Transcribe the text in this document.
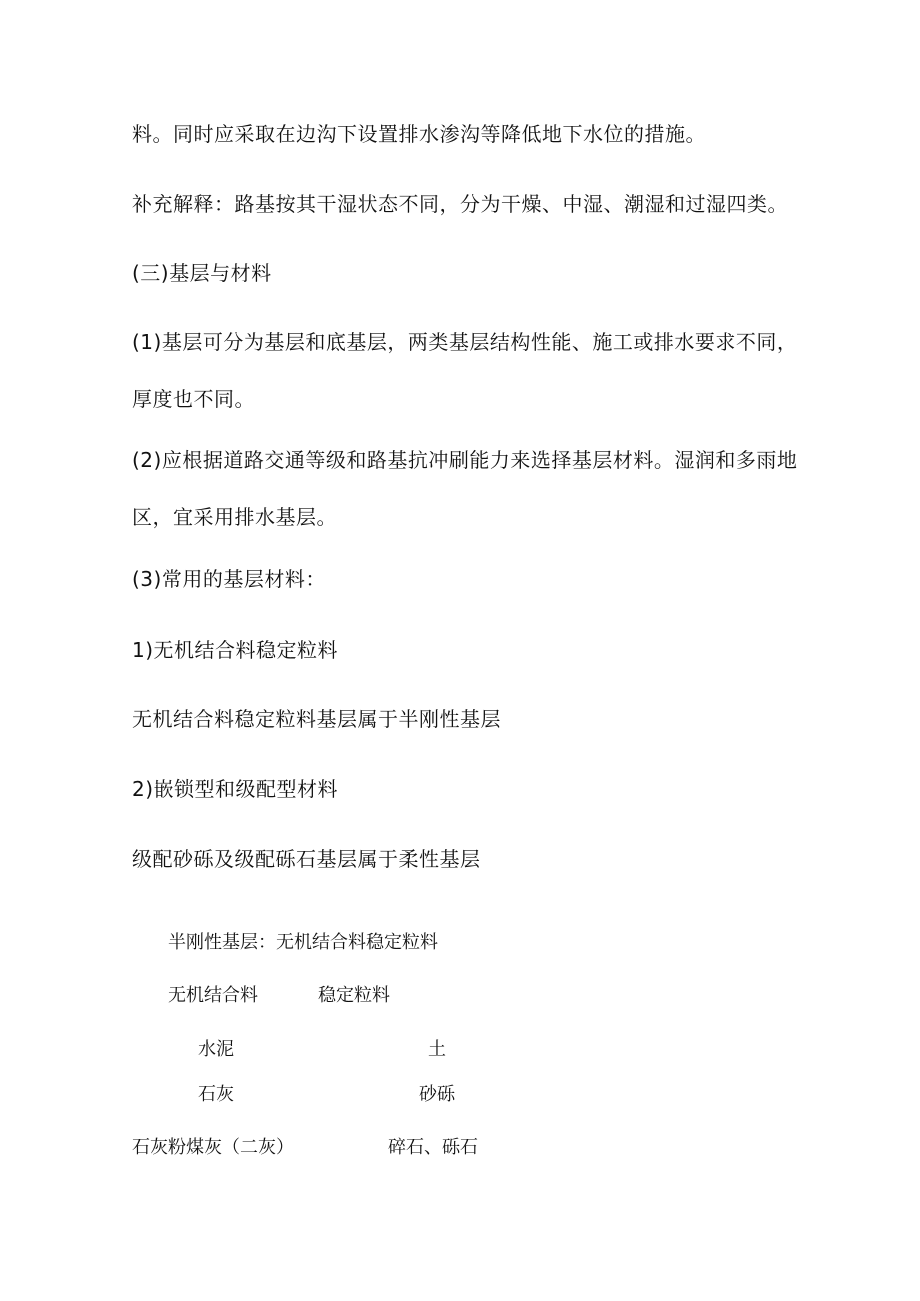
料。同时应采取在边沟下设置排水渗沟等降低地下水位的措施。

补充解释：路基按其干湿状态不同，分为干燥、中湿、潮湿和过湿四类。

(三)基层与材料

(1)基层可分为基层和底基层，两类基层结构性能、施工或排水要求不同，
厚度也不同。

(2)应根据道路交通等级和路基抗冲刷能力来选择基层材料。湿润和多雨地
区，宜采用排水基层。

(3)常用的基层材料：

1)无机结合料稳定粒料

无机结合料稳定粒料基层属于半刚性基层

2)嵌锁型和级配型材料

级配砂砾及级配砾石基层属于柔性基层

半刚性基层：无机结合料稳定粒料
无机结合料	稳定粒料
水泥	土
石灰	砂砾
石灰粉煤灰（二灰）	碎石、砾石
